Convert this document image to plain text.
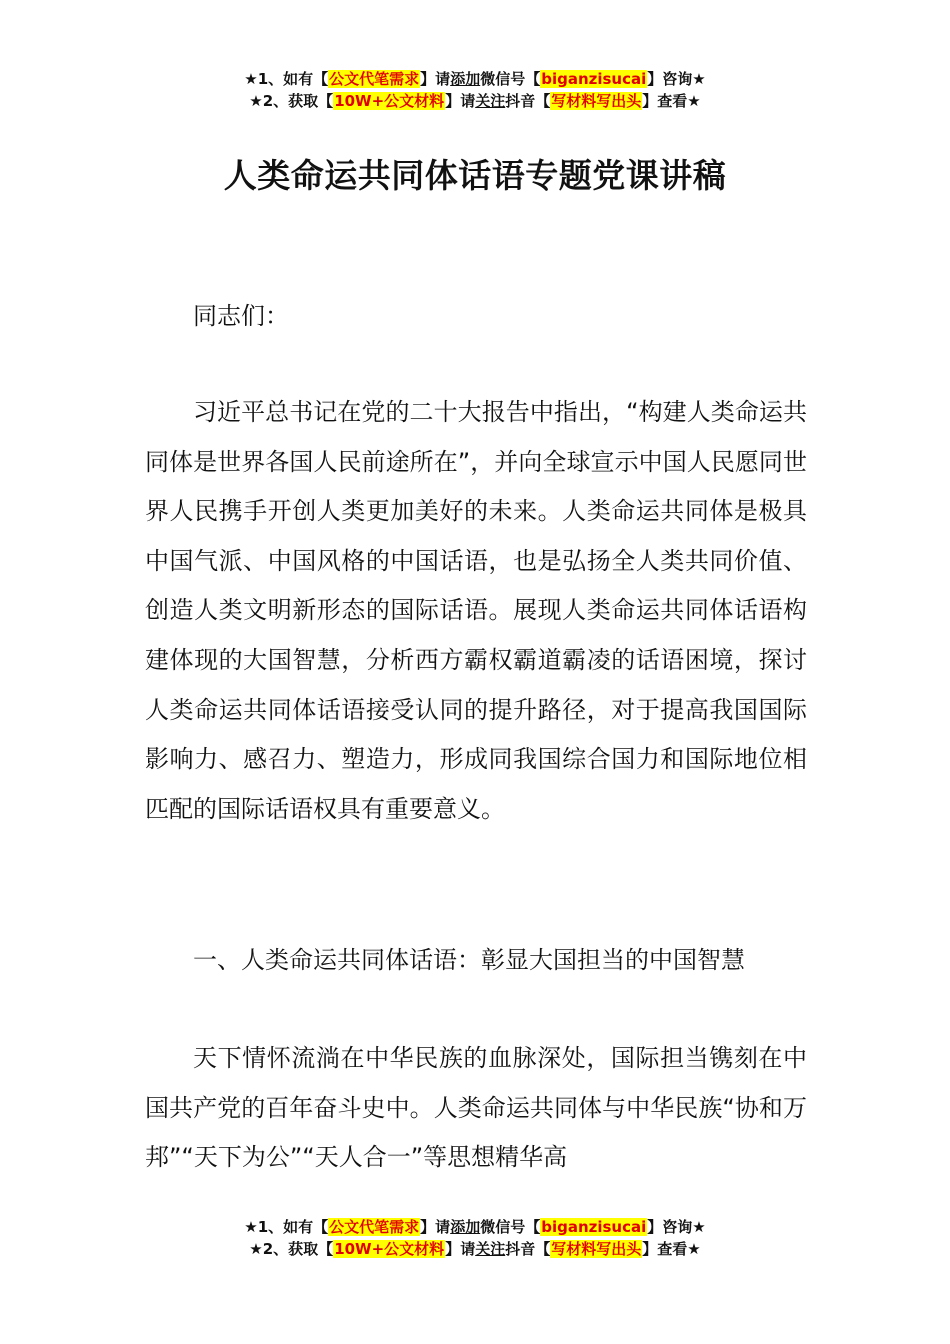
★1、如有【公文代笔需求】请添加微信号【biganzisucai】咨询★
★2、获取【10W+公文材料】请关注抖音【写材料写出头】查看★
人类命运共同体话语专题党课讲稿
同志们：
习近平总书记在党的二十大报告中指出，“构建人类命运共同体是世界各国人民前途所在”，并向全球宣示中国人民愿同世界人民携手开创人类更加美好的未来。人类命运共同体是极具中国气派、中国风格的中国话语，也是弘扬全人类共同价值、创造人类文明新形态的国际话语。展现人类命运共同体话语构建体现的大国智慧，分析西方霸权霸道霸凌的话语困境，探讨人类命运共同体话语接受认同的提升路径，对于提高我国国际影响力、感召力、塑造力，形成同我国综合国力和国际地位相匹配的国际话语权具有重要意义。
一、人类命运共同体话语：彰显大国担当的中国智慧
天下情怀流淌在中华民族的血脉深处，国际担当镌刻在中国共产党的百年奋斗史中。人类命运共同体与中华民族“协和万邦”“天下为公”“天人合一”等思想精华高
★1、如有【公文代笔需求】请添加微信号【biganzisucai】咨询★
★2、获取【10W+公文材料】请关注抖音【写材料写出头】查看★
